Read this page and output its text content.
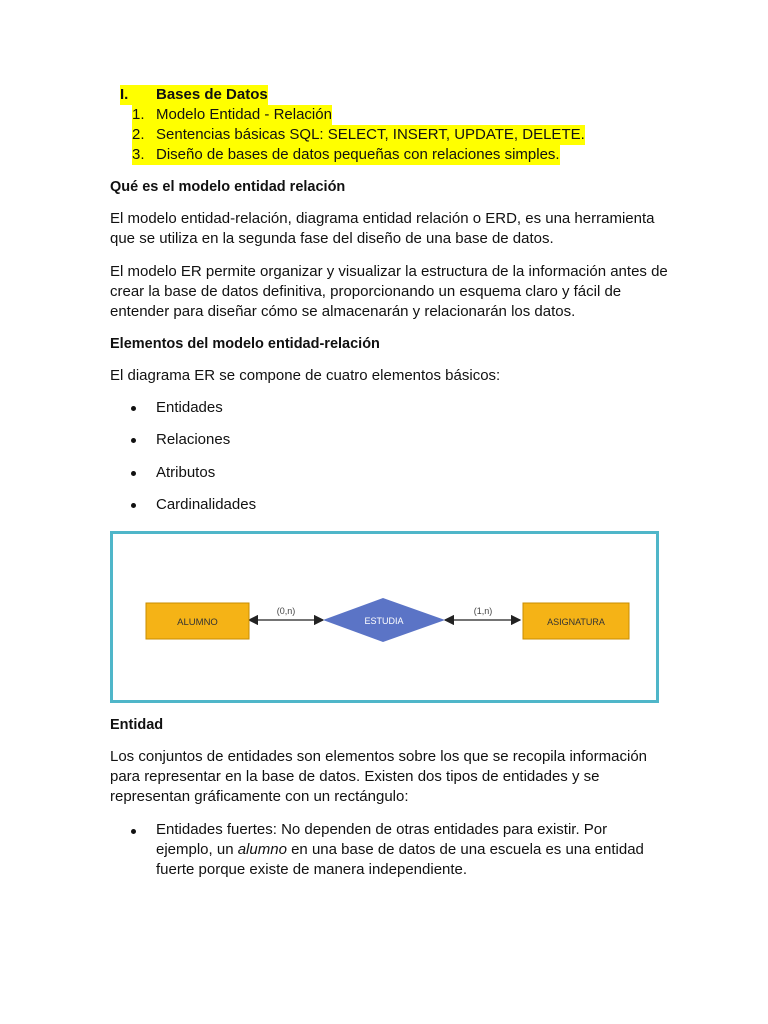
I.	Bases de Datos
1. Modelo Entidad - Relación
2. Sentencias básicas SQL: SELECT, INSERT, UPDATE, DELETE.
3. Diseño de bases de datos pequeñas con relaciones simples.
Qué es el modelo entidad relación
El modelo entidad-relación, diagrama entidad relación o ERD, es una herramienta que se utiliza en la segunda fase del diseño de una base de datos.
El modelo ER permite organizar y visualizar la estructura de la información antes de crear la base de datos definitiva, proporcionando un esquema claro y fácil de entender para diseñar cómo se almacenarán y relacionarán los datos.
Elementos del modelo entidad-relación
El diagrama ER se compone de cuatro elementos básicos:
Entidades
Relaciones
Atributos
Cardinalidades
ALUMNO	ESTUDIA	ASIGNATURA
(0,n)	(1,n)
Entidad
Los conjuntos de entidades son elementos sobre los que se recopila información para representar en la base de datos. Existen dos tipos de entidades y se representan gráficamente con un rectángulo:
Entidades fuertes: No dependen de otras entidades para existir. Por ejemplo, un alumno en una base de datos de una escuela es una entidad fuerte porque existe de manera independiente.
